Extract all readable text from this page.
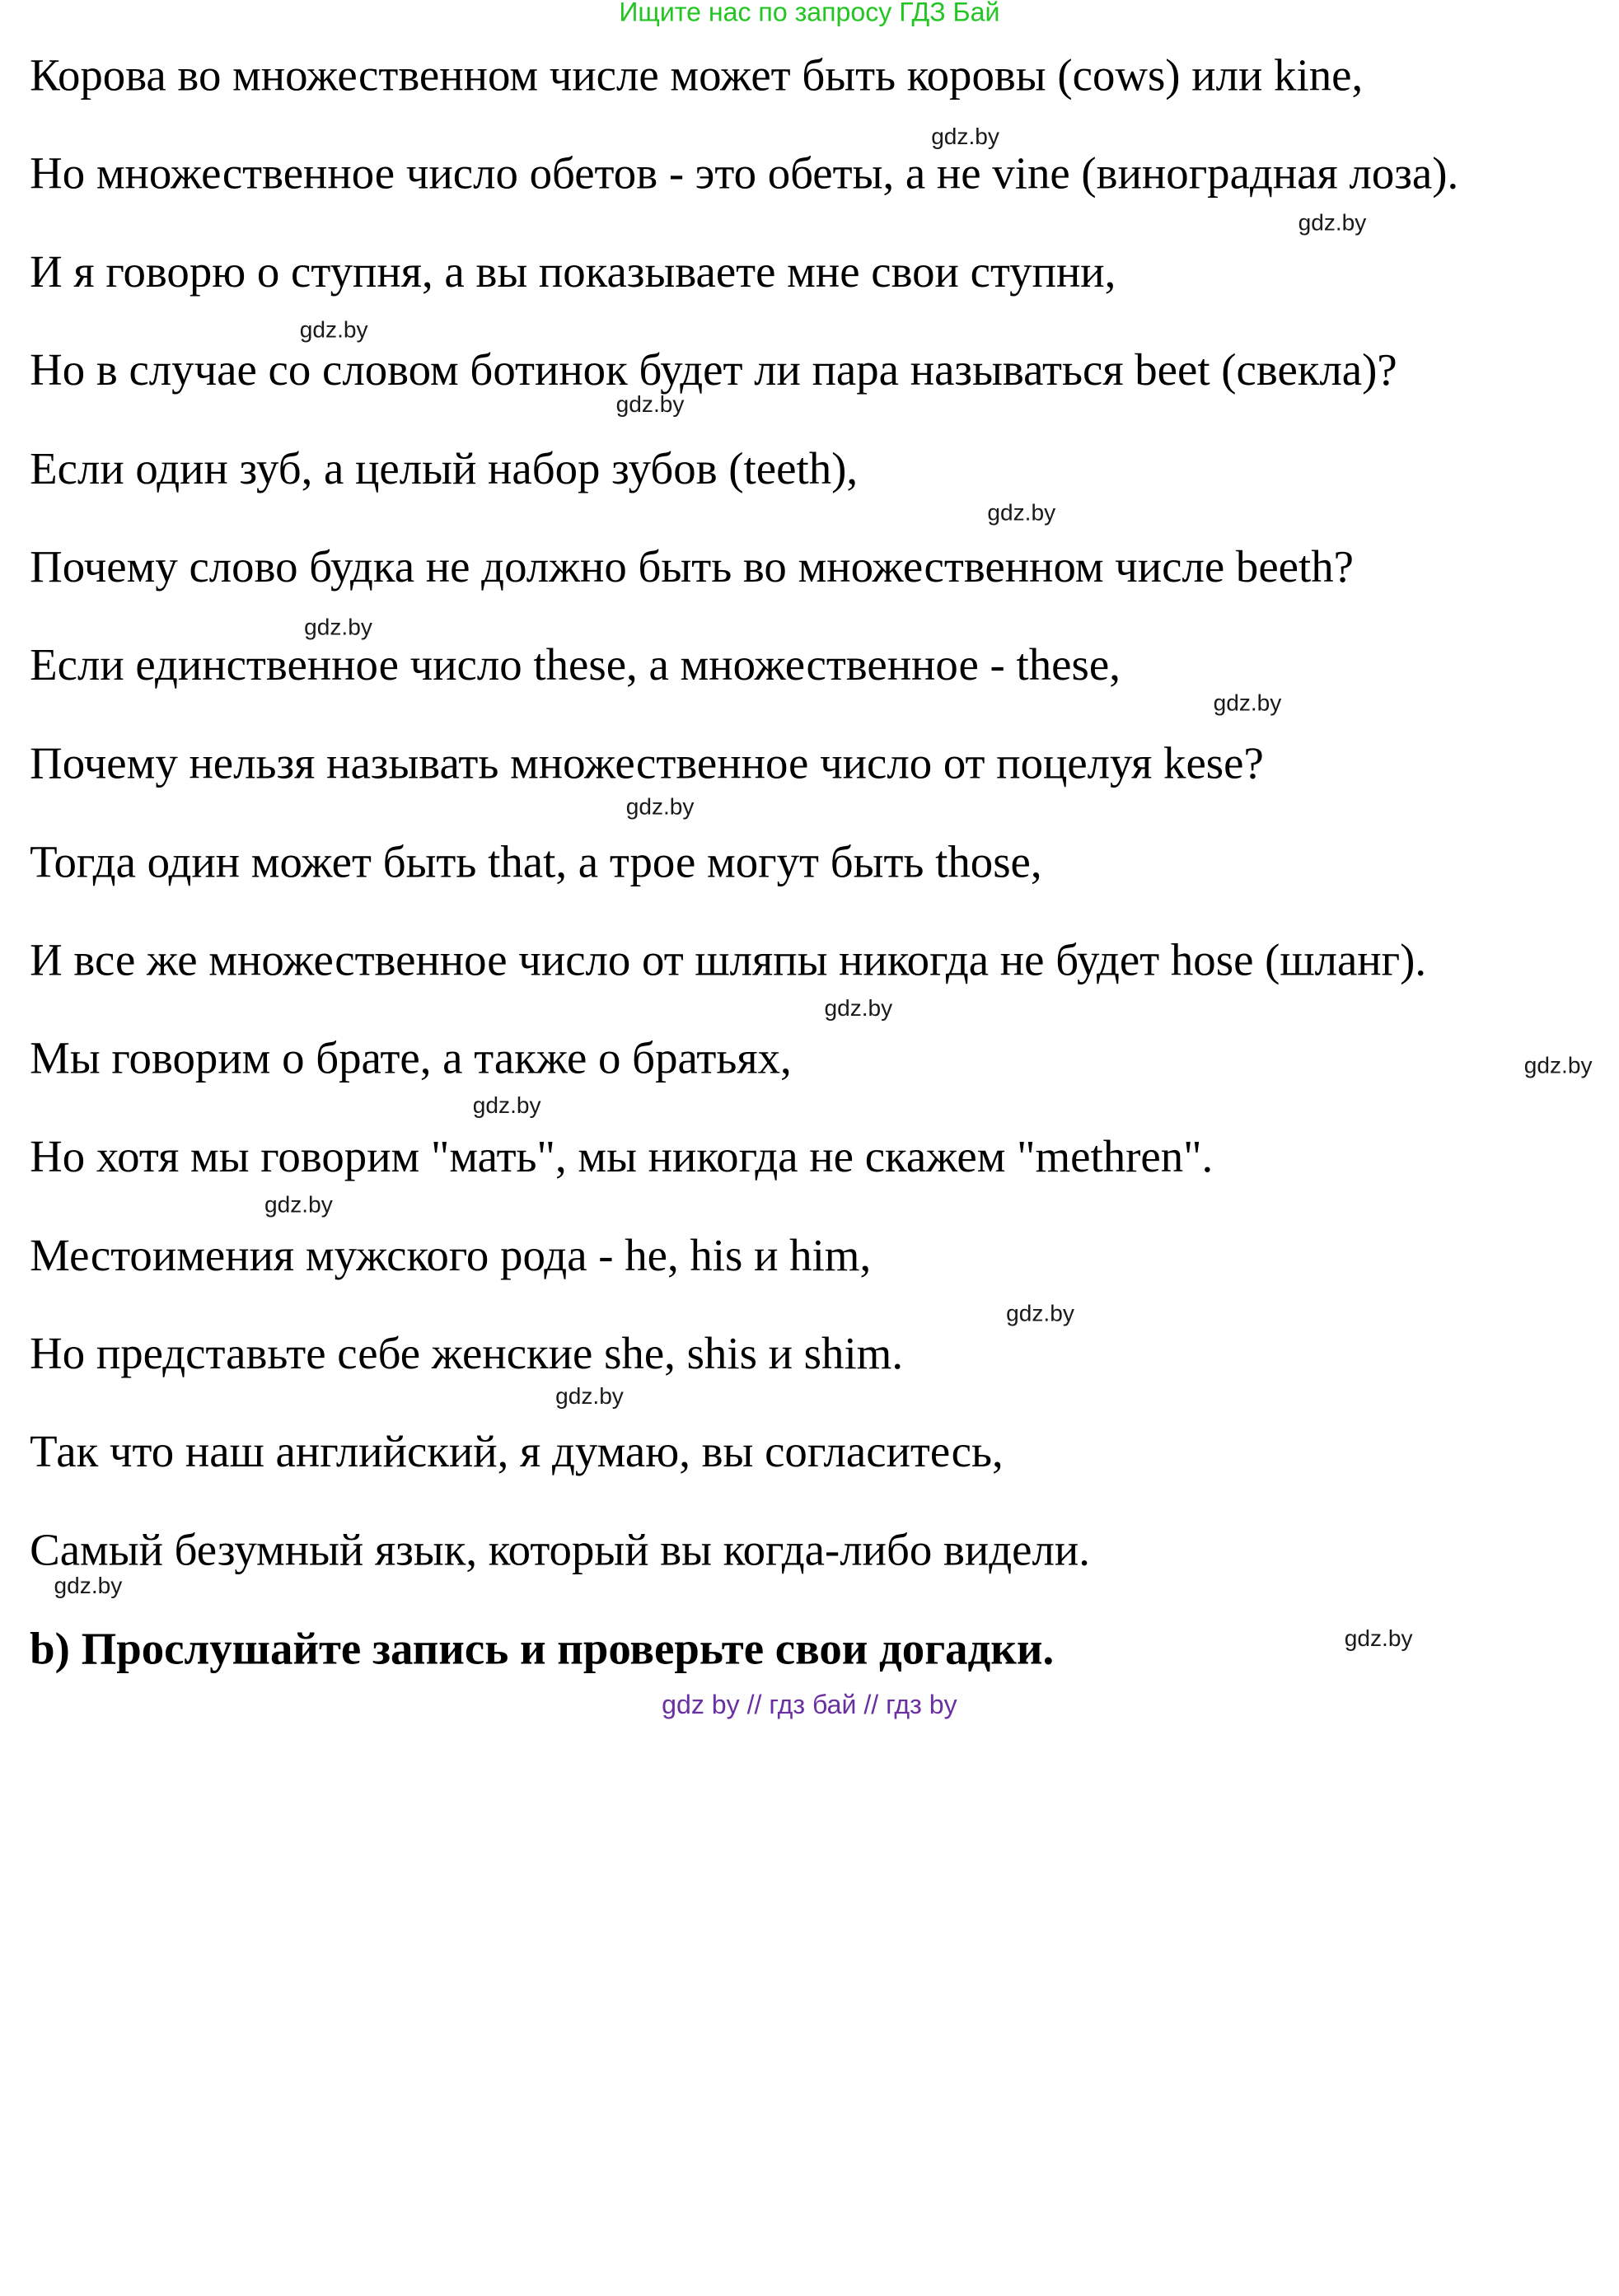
Ищите нас по запросу ГДЗ Бай
Корова во множественном числе может быть коровы (cows) или kine,
Но множественное число обетов - это обеты, а не vine (виноградная лоза).
И я говорю о ступня, а вы показываете мне свои ступни,
Но в случае со словом ботинок будет ли пара называться beet (свекла)?
Если один зуб, а целый набор зубов (teeth),
Почему слово будка не должно быть во множественном числе beeth?
Если единственное число these, а множественное - these,
Почему нельзя называть множественное число от поцелуя kese?
Тогда один может быть that, а трое могут быть those,
И все же множественное число от шляпы никогда не будет hose (шланг).
Мы говорим о брате, а также о братьях,
Но хотя мы говорим "мать", мы никогда не скажем "methren".
Местоимения мужского рода - he, his и him,
Но представьте себе женские she, shis и shim.
Так что наш английский, я думаю, вы согласитесь,
Самый безумный язык, который вы когда-либо видели.
b) Прослушайте запись и проверьте свои догадки.
gdz.by
gdz.by
gdz.by
gdz.by
gdz.by
gdz.by
gdz.by
gdz.by
gdz.by
gdz.by
gdz.by
gdz.by
gdz.by
gdz.by
gdz.by
gdz.by
gdz by // гдз бай // гдз by
